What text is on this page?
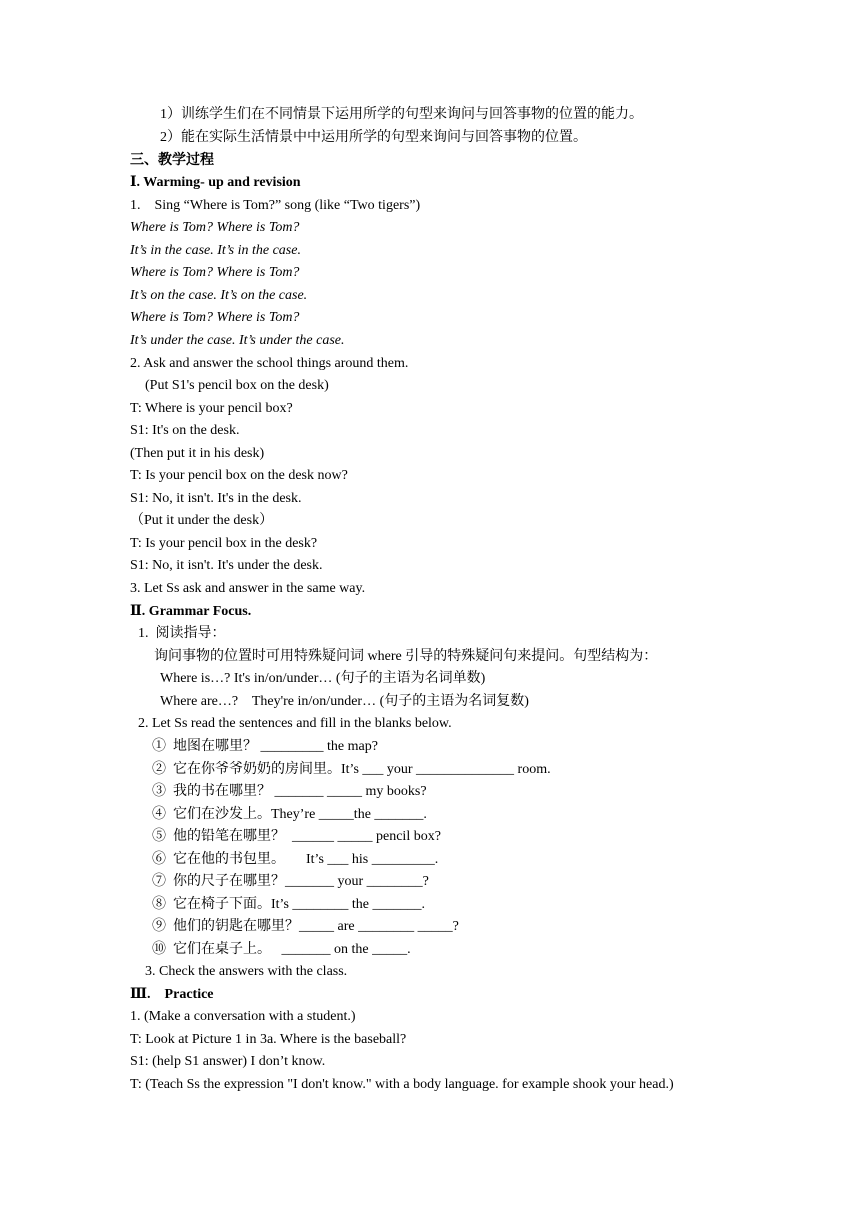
1）训练学生们在不同情景下运用所学的句型来询问与回答事物的位置的能力。
2）能在实际生活情景中中运用所学的句型来询问与回答事物的位置。
三、教学过程
Ⅰ. Warming- up and revision
1.    Sing “Where is Tom?” song (like “Two tigers”)
Where is Tom? Where is Tom?
It’s in the case. It’s in the case.
Where is Tom? Where is Tom?
It’s on the case. It’s on the case.
Where is Tom? Where is Tom?
It’s under the case. It’s under the case.
2. Ask and answer the school things around them.
(Put S1's pencil box on the desk)
T: Where is your pencil box?
S1: It's on the desk.
(Then put it in his desk)
T: Is your pencil box on the desk now?
S1: No, it isn't. It's in the desk.
（Put it under the desk）
T: Is your pencil box in the desk?
S1: No, it isn't. It's under the desk.
3. Let Ss ask and answer in the same way.
Ⅱ. Grammar Focus.
1.  阅读指导：
询问事物的位置时可用特殊疑问词 where 引导的特殊疑问句来提问。句型结构为：
Where is…? It's in/on/under… (句子的主语为名词单数)
Where are…?    They're in/on/under… (句子的主语为名词复数)
2. Let Ss read the sentences and fill in the blanks below.
①  地图在哪里？ _________ the map?
②  它在你爷爷奶奶的房间里。It’s ___ your ______________ room.
③  我的书在哪里？ _______ _____ my books?
④  它们在沙发上。They’re _____the _______.
⑤  他的铅笔在哪里？  ______ _____ pencil box?
⑥  它在他的书包里。      It’s ___ his _________.
⑦  你的尺子在哪里？_______ your ________?
⑧  它在椅子下面。It’s ________ the _______.
⑨  他们的钥匙在哪里？_____ are ________ _____?
⑩  它们在桌子上。   _______ on the _____.
3. Check the answers with the class.
Ⅲ.    Practice
1. (Make a conversation with a student.)
T: Look at Picture 1 in 3a. Where is the baseball?
S1: (help S1 answer) I don’t know.
T: (Teach Ss the expression "I don't know." with a body language. for example shook your head.)
